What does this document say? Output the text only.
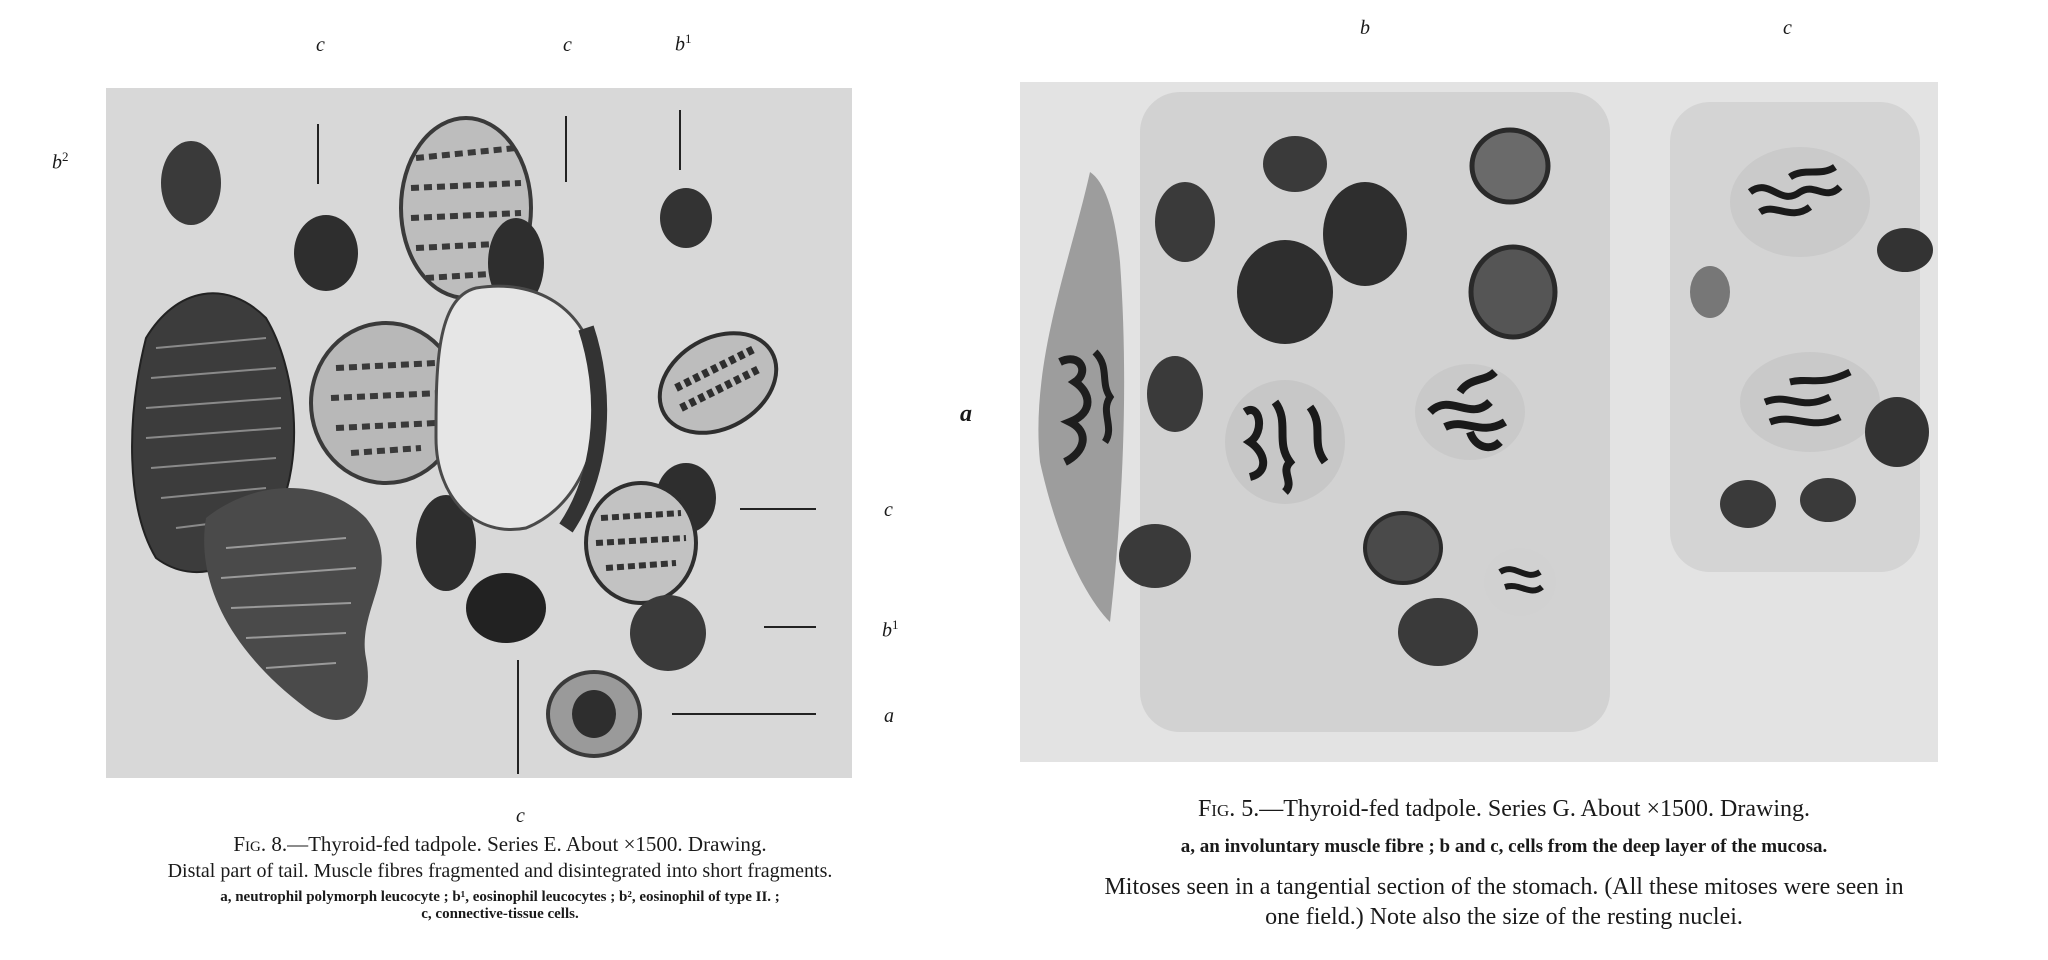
c	c	$b^1$
$b^2$
c
$b^1$
a
c
Fig. 8.—Thyroid-fed tadpole. Series E. About ×1500. Drawing.
Distal part of tail. Muscle fibres fragmented and disintegrated into short fragments.
a, neutrophil polymorph leucocyte ; b¹, eosinophil leucocytes ; b², eosinophil of type II. ;
c, connective-tissue cells.
b	c
a
Fig. 5.—Thyroid-fed tadpole. Series G. About ×1500. Drawing.
a, an involuntary muscle fibre ; b and c, cells from the deep layer of the mucosa.
Mitoses seen in a tangential section of the stomach. (All these mitoses were seen in
one field.) Note also the size of the resting nuclei.
